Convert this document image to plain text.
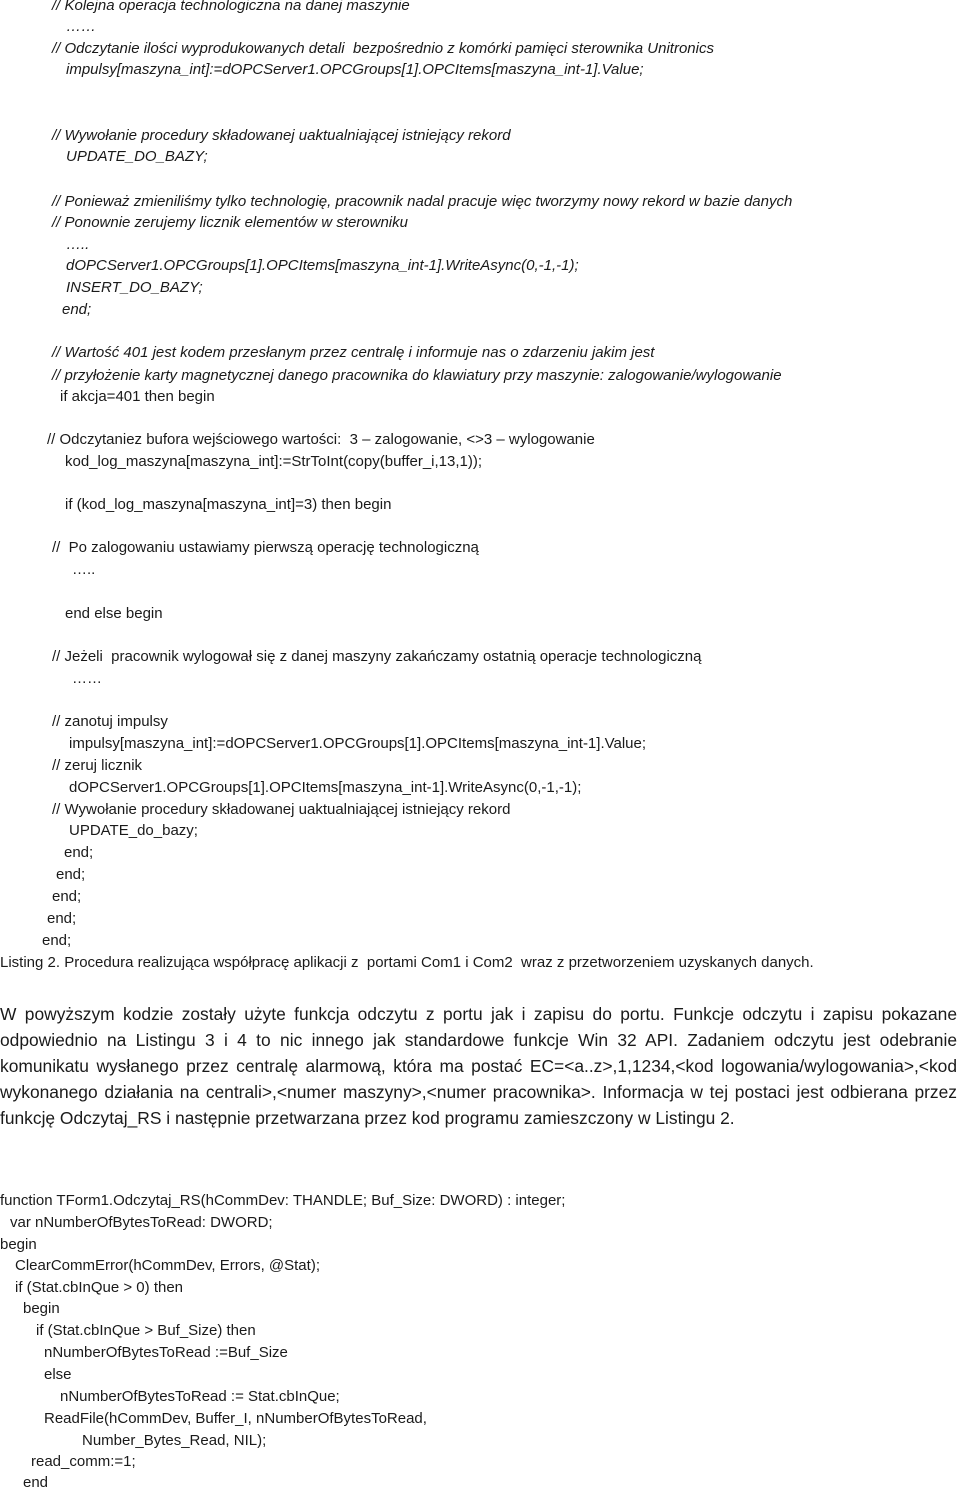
// Kolejna operacja technologiczna na danej maszynie
……
// Odczytanie ilości wyprodukowanych detali  bezpośrednio z komórki pamięci sterownika Unitronics
impulsy[maszyna_int]:=dOPCServer1.OPCGroups[1].OPCItems[maszyna_int-1].Value;
// Wywołanie procedury składowanej uaktualniającej istniejący rekord
UPDATE_DO_BAZY;
// Ponieważ zmieniliśmy tylko technologię, pracownik nadal pracuje więc tworzymy nowy rekord w bazie danych
// Ponownie zerujemy licznik elementów w sterowniku
…..
dOPCServer1.OPCGroups[1].OPCItems[maszyna_int-1].WriteAsync(0,-1,-1);
INSERT_DO_BAZY;
end;
// Wartość 401 jest kodem przesłanym przez centralę i informuje nas o zdarzeniu jakim jest
// przyłożenie karty magnetycznej danego pracownika do klawiatury przy maszynie: zalogowanie/wylogowanie
if akcja=401 then begin
// Odczytaniez bufora wejściowego wartości:  3 – zalogowanie, <>3 – wylogowanie
kod_log_maszyna[maszyna_int]:=StrToInt(copy(buffer_i,13,1));
if (kod_log_maszyna[maszyna_int]=3) then begin
//  Po zalogowaniu ustawiamy pierwszą operację technologiczną
…..
end else begin
// Jeżeli  pracownik wylogował się z danej maszyny zakańczamy ostatnią operacje technologiczną
……
// zanotuj impulsy
impulsy[maszyna_int]:=dOPCServer1.OPCGroups[1].OPCItems[maszyna_int-1].Value;
// zeruj licznik
dOPCServer1.OPCGroups[1].OPCItems[maszyna_int-1].WriteAsync(0,-1,-1);
// Wywołanie procedury składowanej uaktualniającej istniejący rekord
UPDATE_do_bazy;
end;
end;
end;
end;
end;
Listing 2. Procedura realizująca współpracę aplikacji z  portami Com1 i Com2  wraz z przetworzeniem uzyskanych danych.
W powyższym kodzie zostały użyte funkcja odczytu z portu jak i zapisu do portu. Funkcje odczytu i zapisu pokazane odpowiednio na Listingu 3 i 4 to nic innego jak standardowe funkcje Win 32 API. Zadaniem odczytu jest odebranie komunikatu wysłanego przez centralę alarmową, która ma postać EC=<a..z>,1,1234,<kod logowania/wylogowania>,<kod wykonanego działania na centrali>,<numer maszyny>,<numer pracownika>. Informacja w tej postaci jest odbierana przez funkcję Odczytaj_RS i następnie przetwarzana przez kod programu zamieszczony w Listingu 2.
function TForm1.Odczytaj_RS(hCommDev: THANDLE; Buf_Size: DWORD) : integer;
var nNumberOfBytesToRead: DWORD;
begin
ClearCommError(hCommDev, Errors, @Stat);
if (Stat.cbInQue > 0) then
begin
if (Stat.cbInQue > Buf_Size) then
nNumberOfBytesToRead :=Buf_Size
else
nNumberOfBytesToRead := Stat.cbInQue;
ReadFile(hCommDev, Buffer_I, nNumberOfBytesToRead,
Number_Bytes_Read, NIL);
read_comm:=1;
end
